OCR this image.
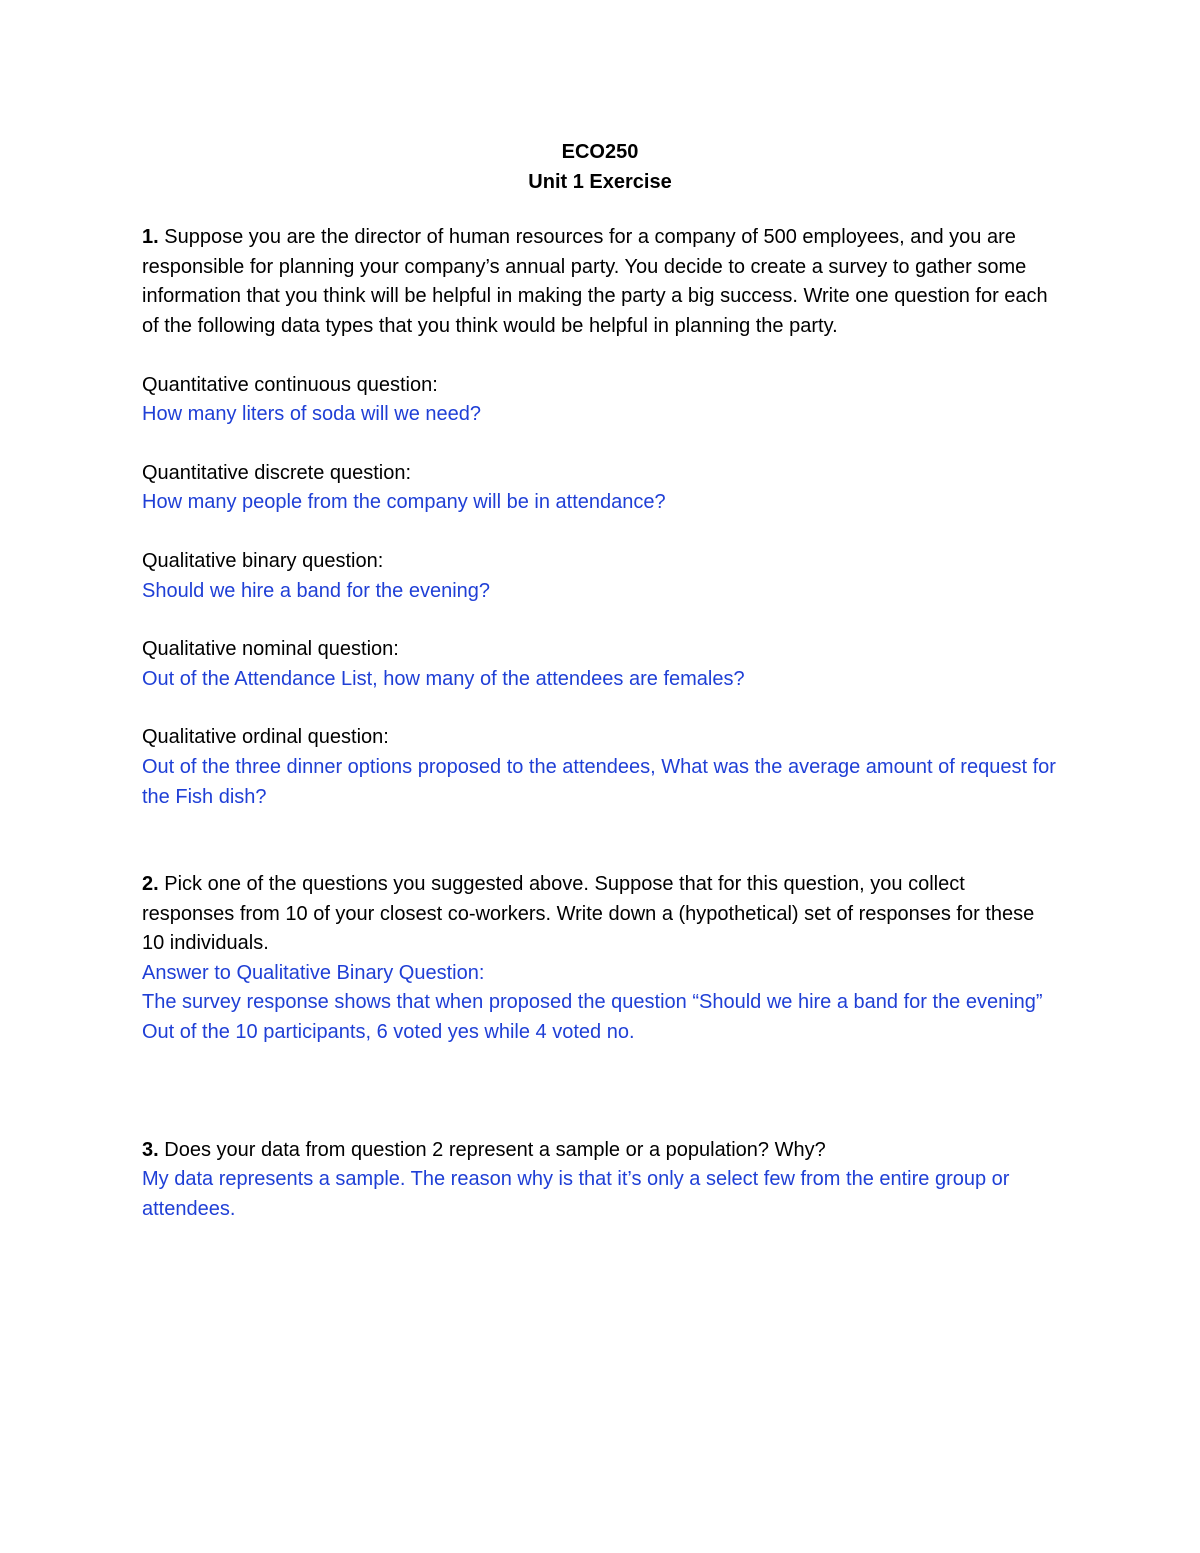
ECO250
Unit 1 Exercise

1. Suppose you are the director of human resources for a company of 500 employees, and you are responsible for planning your company’s annual party. You decide to create a survey to gather some information that you think will be helpful in making the party a big success. Write one question for each of the following data types that you think would be helpful in planning the party.

Quantitative continuous question:

How many liters of soda will we need?

Quantitative discrete question:

How many people from the company will be in attendance?

Qualitative binary question:

Should we hire a band for the evening?

Qualitative nominal question:

Out of the Attendance List, how many of the attendees are females?

Qualitative ordinal question:

Out of the three dinner options proposed to the attendees, What was the average amount of request for the Fish dish?

2. Pick one of the questions you suggested above. Suppose that for this question, you collect responses from 10 of your closest co-workers. Write down a (hypothetical) set of responses for these 10 individuals.

Answer to Qualitative Binary Question:

The survey response shows that when proposed the question “Should we hire a band for the evening” Out of the 10 participants, 6 voted yes while 4 voted no.

3. Does your data from question 2 represent a sample or a population? Why?

My data represents a sample. The reason why is that it’s only a select few from the entire group or attendees.
